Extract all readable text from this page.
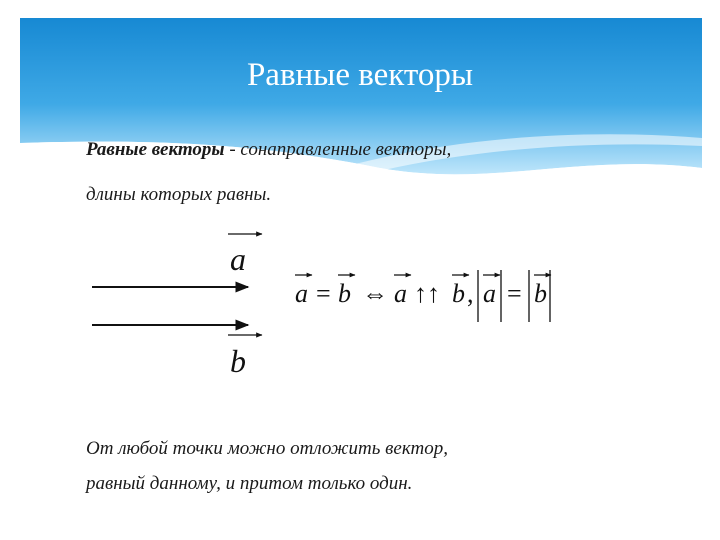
Равные векторы
Равные векторы - сонаправленные векторы,
длины которых равны.
a
b
a = b ⇔ a ↑↑ b , a = b
От любой точки можно отложить вектор,
равный данному, и притом только один.
